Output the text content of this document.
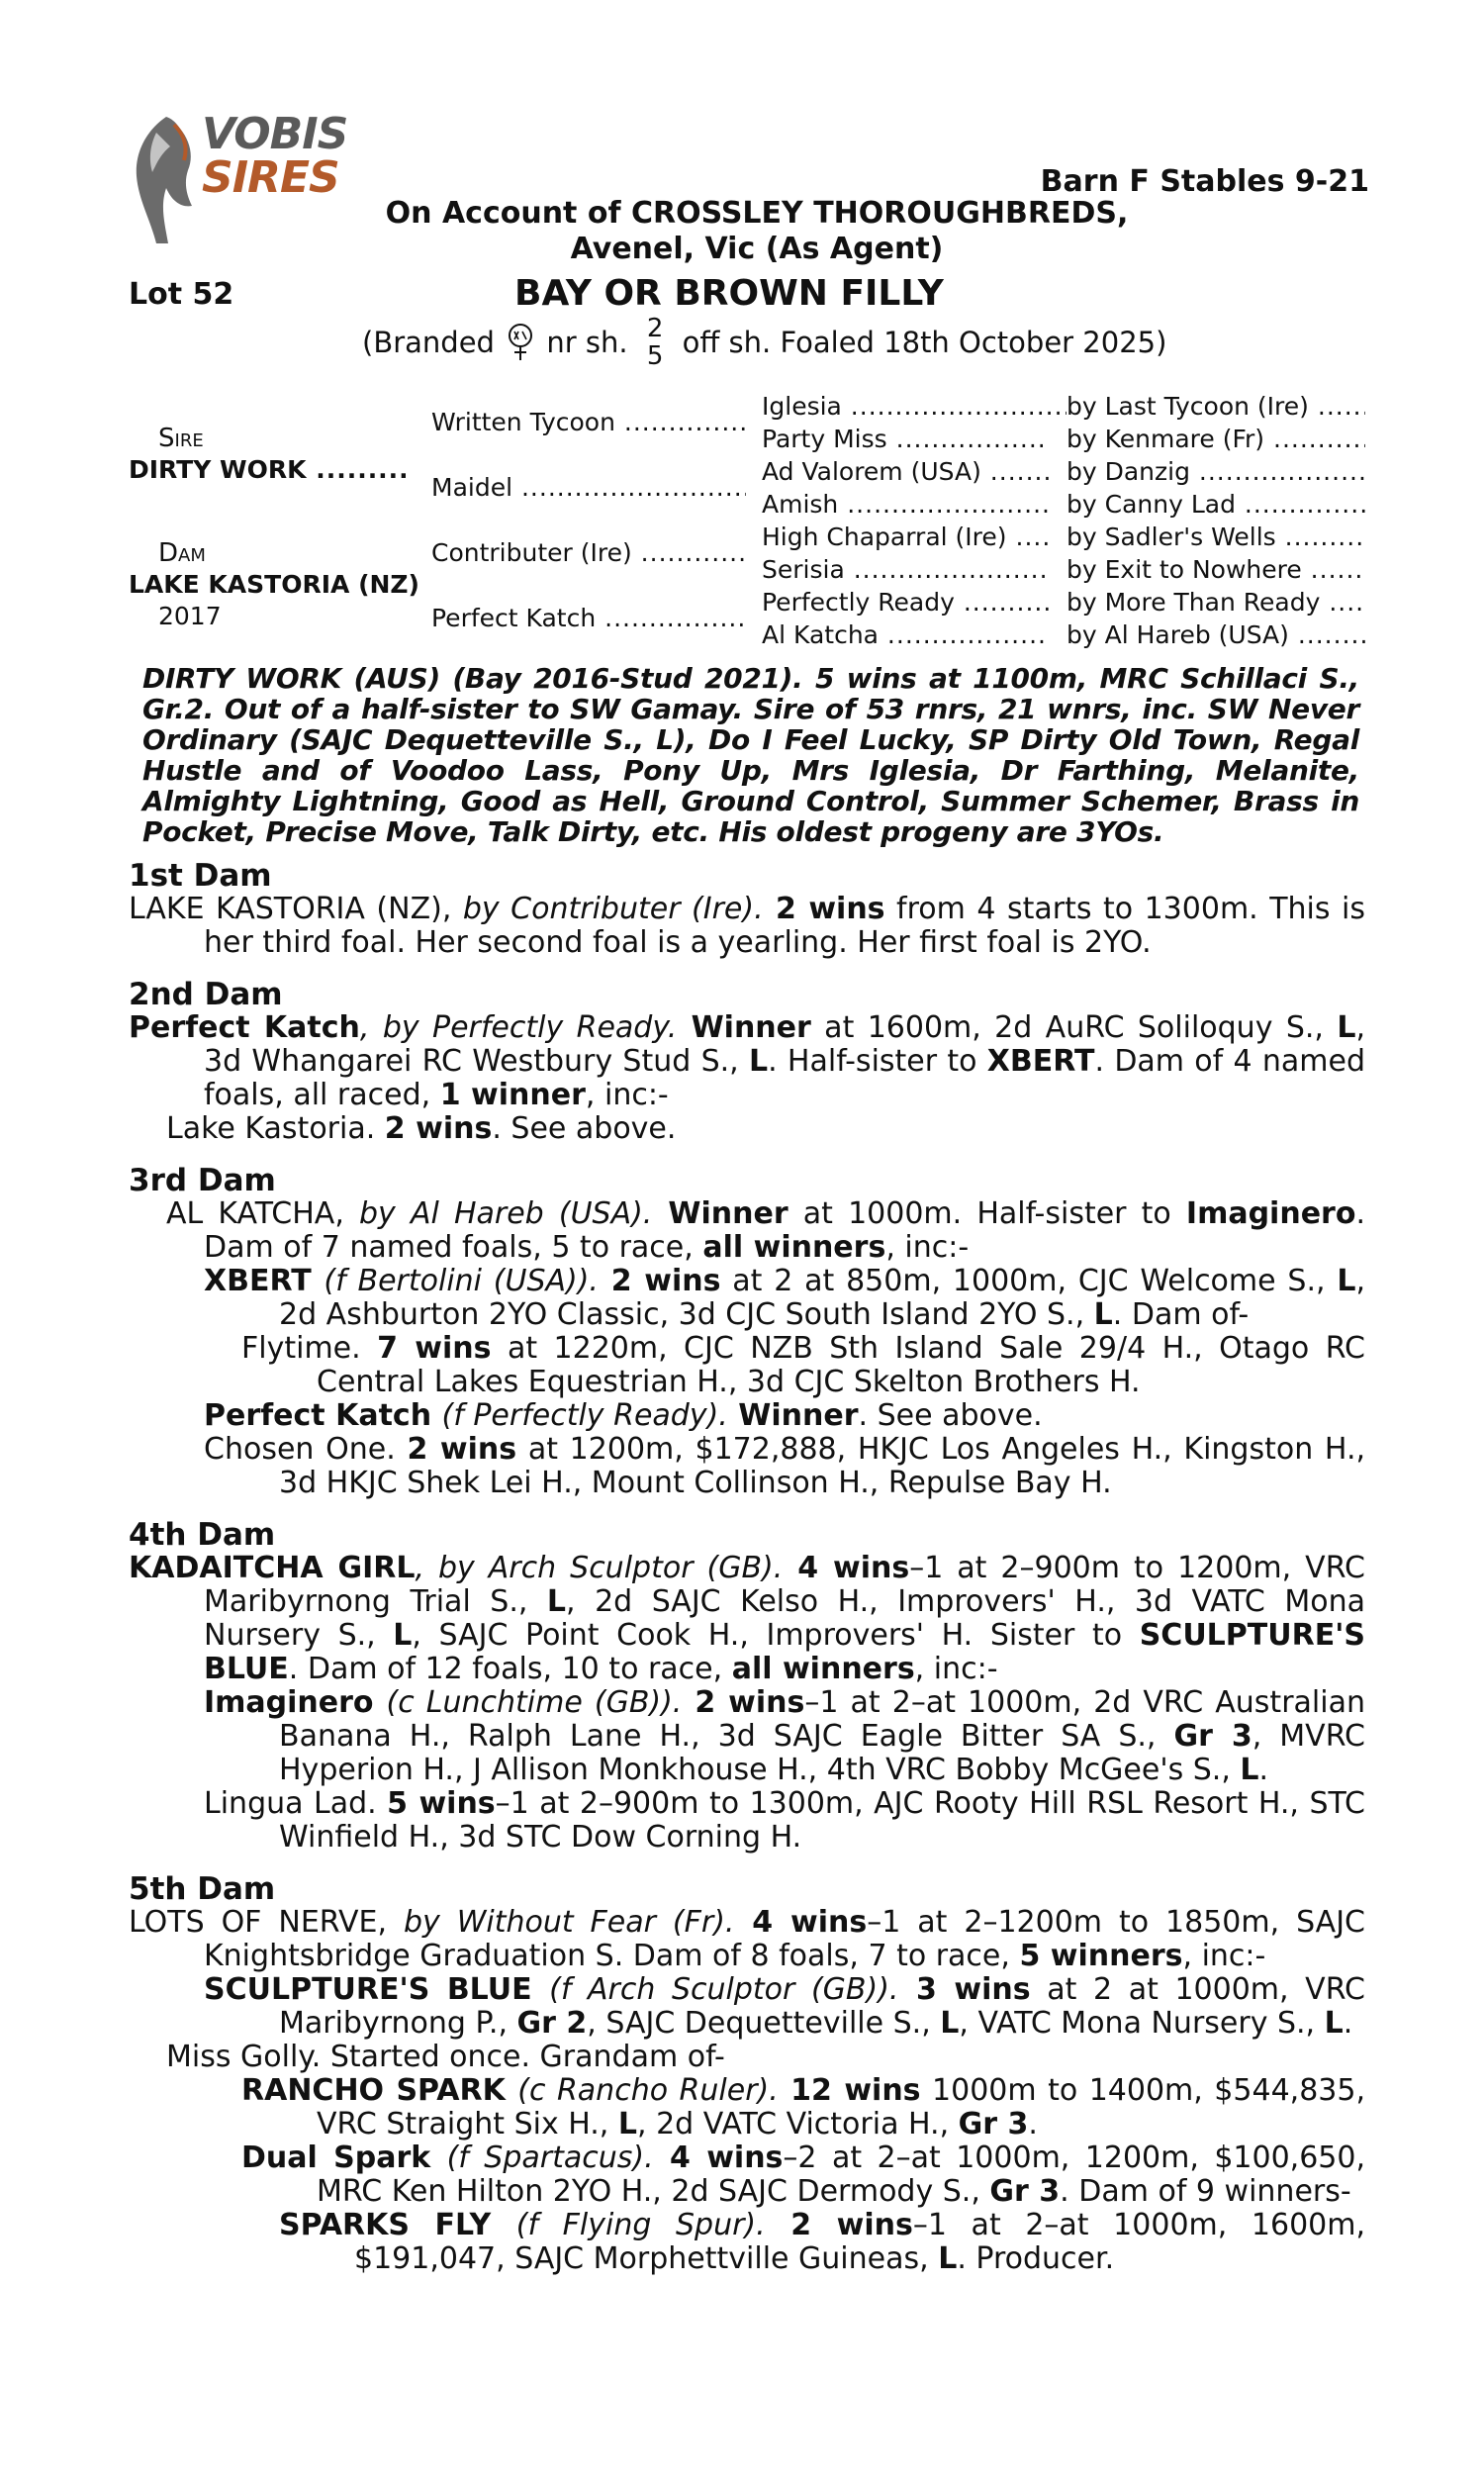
VOBIS
SIRES	Barn F Stables 9-21
On Account of CROSSLEY THOROUGHBREDS,
Avenel, Vic (As Agent)
Lot 52	BAY OR BROWN FILLY
(Branded nr sh. 2
5 off sh. Foaled 18th October 2025)
Sire
DIRTY WORK .....
Dam
LAKE KASTORIA (NZ)
2017
Written Tycoon .....
Maidel .....
Contributer (Ire) .....
Perfect Katch .....
Iglesia .....
Party Miss .....
Ad Valorem (USA) .....
Amish .....
High Chaparral (Ire) .....
Serisia .....
Perfectly Ready .....
Al Katcha .....
by Last Tycoon (Ire) .....
by Kenmare (Fr) .....
by Danzig .....
by Canny Lad .....
by Sadler's Wells .....
by Exit to Nowhere .....
by More Than Ready .....
by Al Hareb (USA) .....
DIRTY WORK (AUS) (Bay 2016-Stud 2021). 5 wins at 1100m, MRC Schillaci S., Gr.2. Out of a half-sister to SW Gamay. Sire of 53 rnrs, 21 wnrs, inc. SW Never Ordinary (SAJC Dequetteville S., L), Do I Feel Lucky, SP Dirty Old Town, Regal Hustle and of Voodoo Lass, Pony Up, Mrs Iglesia, Dr Farthing, Melanite, Almighty Lightning, Good as Hell, Ground Control, Summer Schemer, Brass in Pocket, Precise Move, Talk Dirty, etc. His oldest progeny are 3YOs.
1st Dam

LAKE KASTORIA (NZ), by Contributer (Ire). 2 wins from 4 starts to 1300m. This is her third foal. Her second foal is a yearling. Her first foal is 2YO.

2nd Dam

Perfect Katch, by Perfectly Ready. Winner at 1600m, 2d AuRC Soliloquy S., L, 3d Whangarei RC Westbury Stud S., L. Half-sister to XBERT. Dam of 4 named foals, all raced, 1 winner, inc:-

Lake Kastoria. 2 wins. See above.

3rd Dam

AL KATCHA, by Al Hareb (USA). Winner at 1000m. Half-sister to Imaginero. Dam of 7 named foals, 5 to race, all winners, inc:-

XBERT (f Bertolini (USA)). 2 wins at 2 at 850m, 1000m, CJC Welcome S., L, 2d Ashburton 2YO Classic, 3d CJC South Island 2YO S., L. Dam of-

Flytime. 7 wins at 1220m, CJC NZB Sth Island Sale 29/4 H., Otago RC Central Lakes Equestrian H., 3d CJC Skelton Brothers H.

Perfect Katch (f Perfectly Ready). Winner. See above.

Chosen One. 2 wins at 1200m, $172,888, HKJC Los Angeles H., Kingston H., 3d HKJC Shek Lei H., Mount Collinson H., Repulse Bay H.

4th Dam

KADAITCHA GIRL, by Arch Sculptor (GB). 4 wins–1 at 2–900m to 1200m, VRC Maribyrnong Trial S., L, 2d SAJC Kelso H., Improvers' H., 3d VATC Mona Nursery S., L, SAJC Point Cook H., Improvers' H. Sister to SCULPTURE'S BLUE. Dam of 12 foals, 10 to race, all winners, inc:-

Imaginero (c Lunchtime (GB)). 2 wins–1 at 2–at 1000m, 2d VRC Australian Banana H., Ralph Lane H., 3d SAJC Eagle Bitter SA S., Gr 3, MVRC Hyperion H., J Allison Monkhouse H., 4th VRC Bobby McGee's S., L.

Lingua Lad. 5 wins–1 at 2–900m to 1300m, AJC Rooty Hill RSL Resort H., STC Winfield H., 3d STC Dow Corning H.

5th Dam

LOTS OF NERVE, by Without Fear (Fr). 4 wins–1 at 2–1200m to 1850m, SAJC Knightsbridge Graduation S. Dam of 8 foals, 7 to race, 5 winners, inc:-

SCULPTURE'S BLUE (f Arch Sculptor (GB)). 3 wins at 2 at 1000m, VRC Maribyrnong P., Gr 2, SAJC Dequetteville S., L, VATC Mona Nursery S., L.

Miss Golly. Started once. Grandam of-

RANCHO SPARK (c Rancho Ruler). 12 wins 1000m to 1400m, $544,835, VRC Straight Six H., L, 2d VATC Victoria H., Gr 3.

Dual Spark (f Spartacus). 4 wins–2 at 2–at 1000m, 1200m, $100,650, MRC Ken Hilton 2YO H., 2d SAJC Dermody S., Gr 3. Dam of 9 winners-

SPARKS FLY (f Flying Spur). 2 wins–1 at 2–at 1000m, 1600m, $191,047, SAJC Morphettville Guineas, L. Producer.
